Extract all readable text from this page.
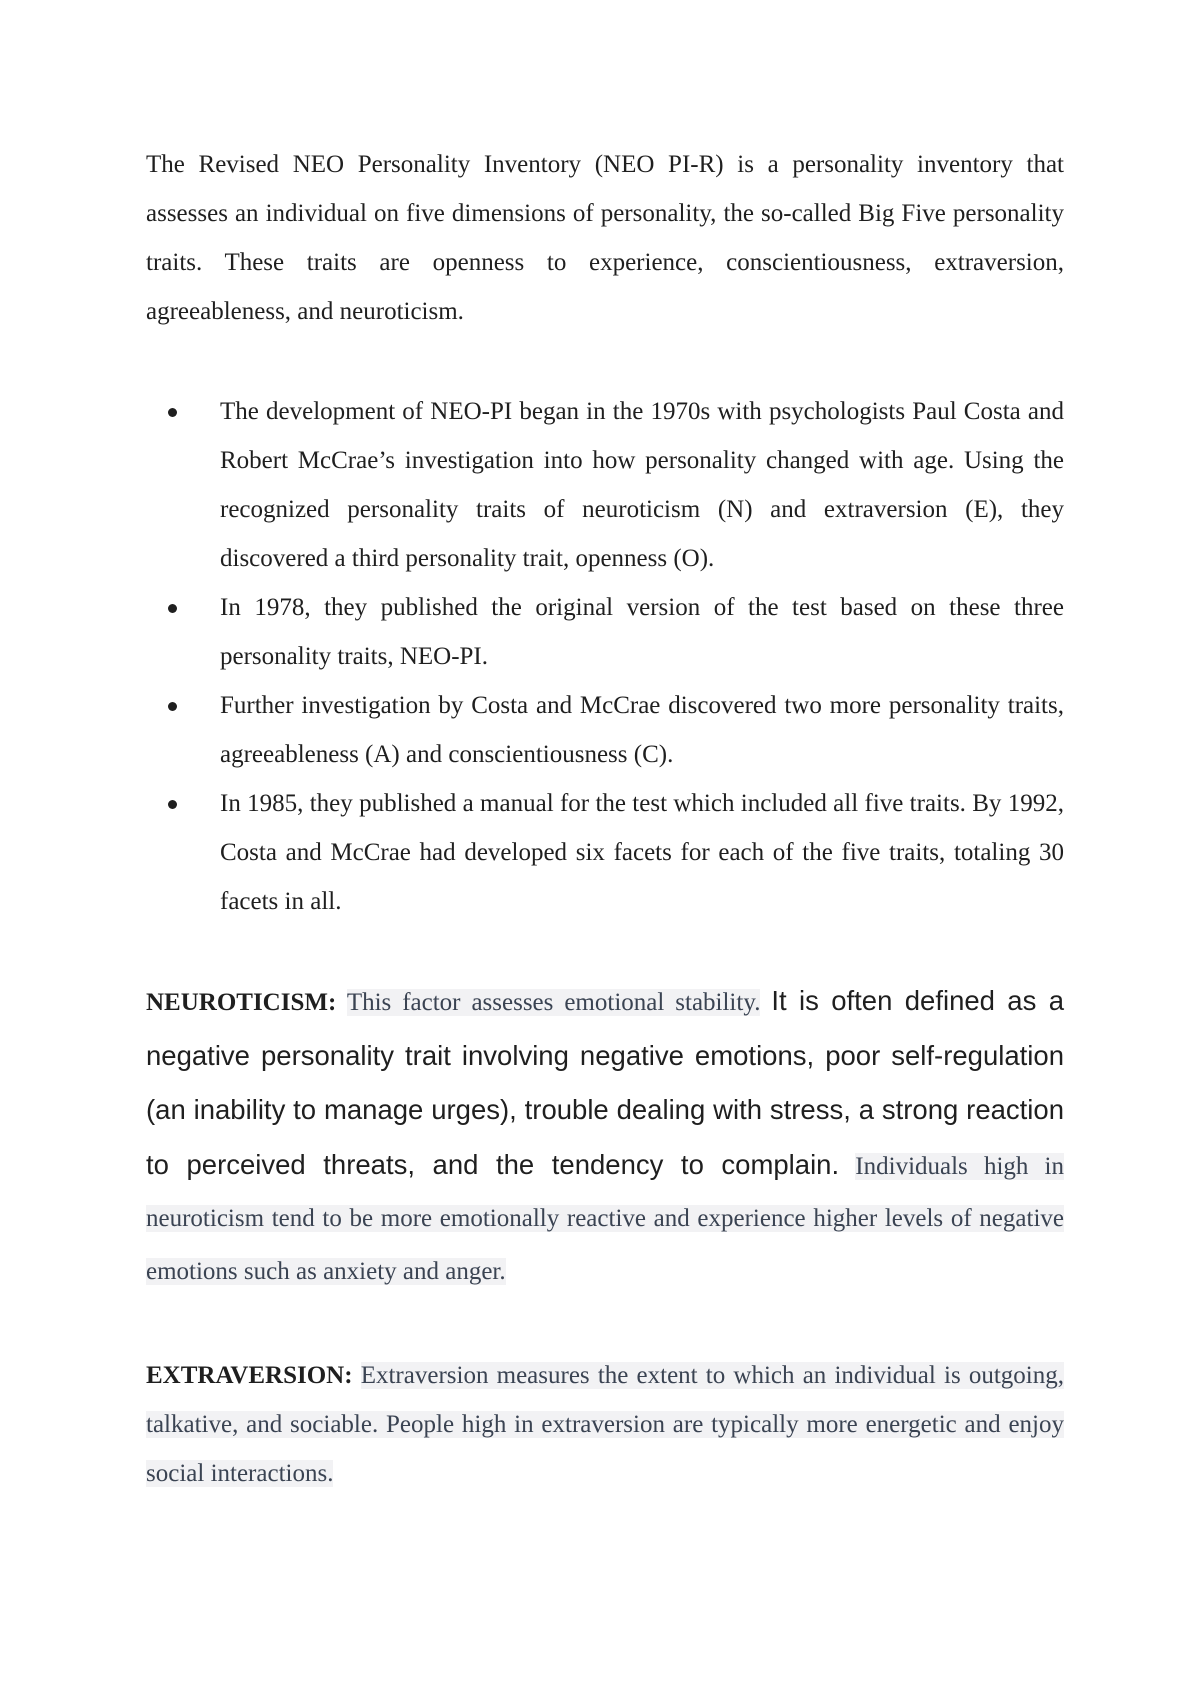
The Revised NEO Personality Inventory (NEO PI-R) is a personality inventory that assesses an individual on five dimensions of personality, the so-called Big Five personality traits. These traits are openness to experience, conscientiousness, extraversion, agreeableness, and neuroticism.

The development of NEO-PI began in the 1970s with psychologists Paul Costa and Robert McCrae’s investigation into how personality changed with age. Using the recognized personality traits of neuroticism (N) and extraversion (E), they discovered a third personality trait, openness (O).
In 1978, they published the original version of the test based on these three personality traits, NEO-PI.
Further investigation by Costa and McCrae discovered two more personality traits, agreeableness (A) and conscientiousness (C).
In 1985, they published a manual for the test which included all five traits. By 1992, Costa and McCrae had developed six facets for each of the five traits, totaling 30 facets in all.

NEUROTICISM: This factor assesses emotional stability. It is often defined as a negative personality trait involving negative emotions, poor self-regulation (an inability to manage urges), trouble dealing with stress, a strong reaction to perceived threats, and the tendency to complain. Individuals high in neuroticism tend to be more emotionally reactive and experience higher levels of negative emotions such as anxiety and anger.

EXTRAVERSION: Extraversion measures the extent to which an individual is outgoing, talkative, and sociable. People high in extraversion are typically more energetic and enjoy social interactions.
